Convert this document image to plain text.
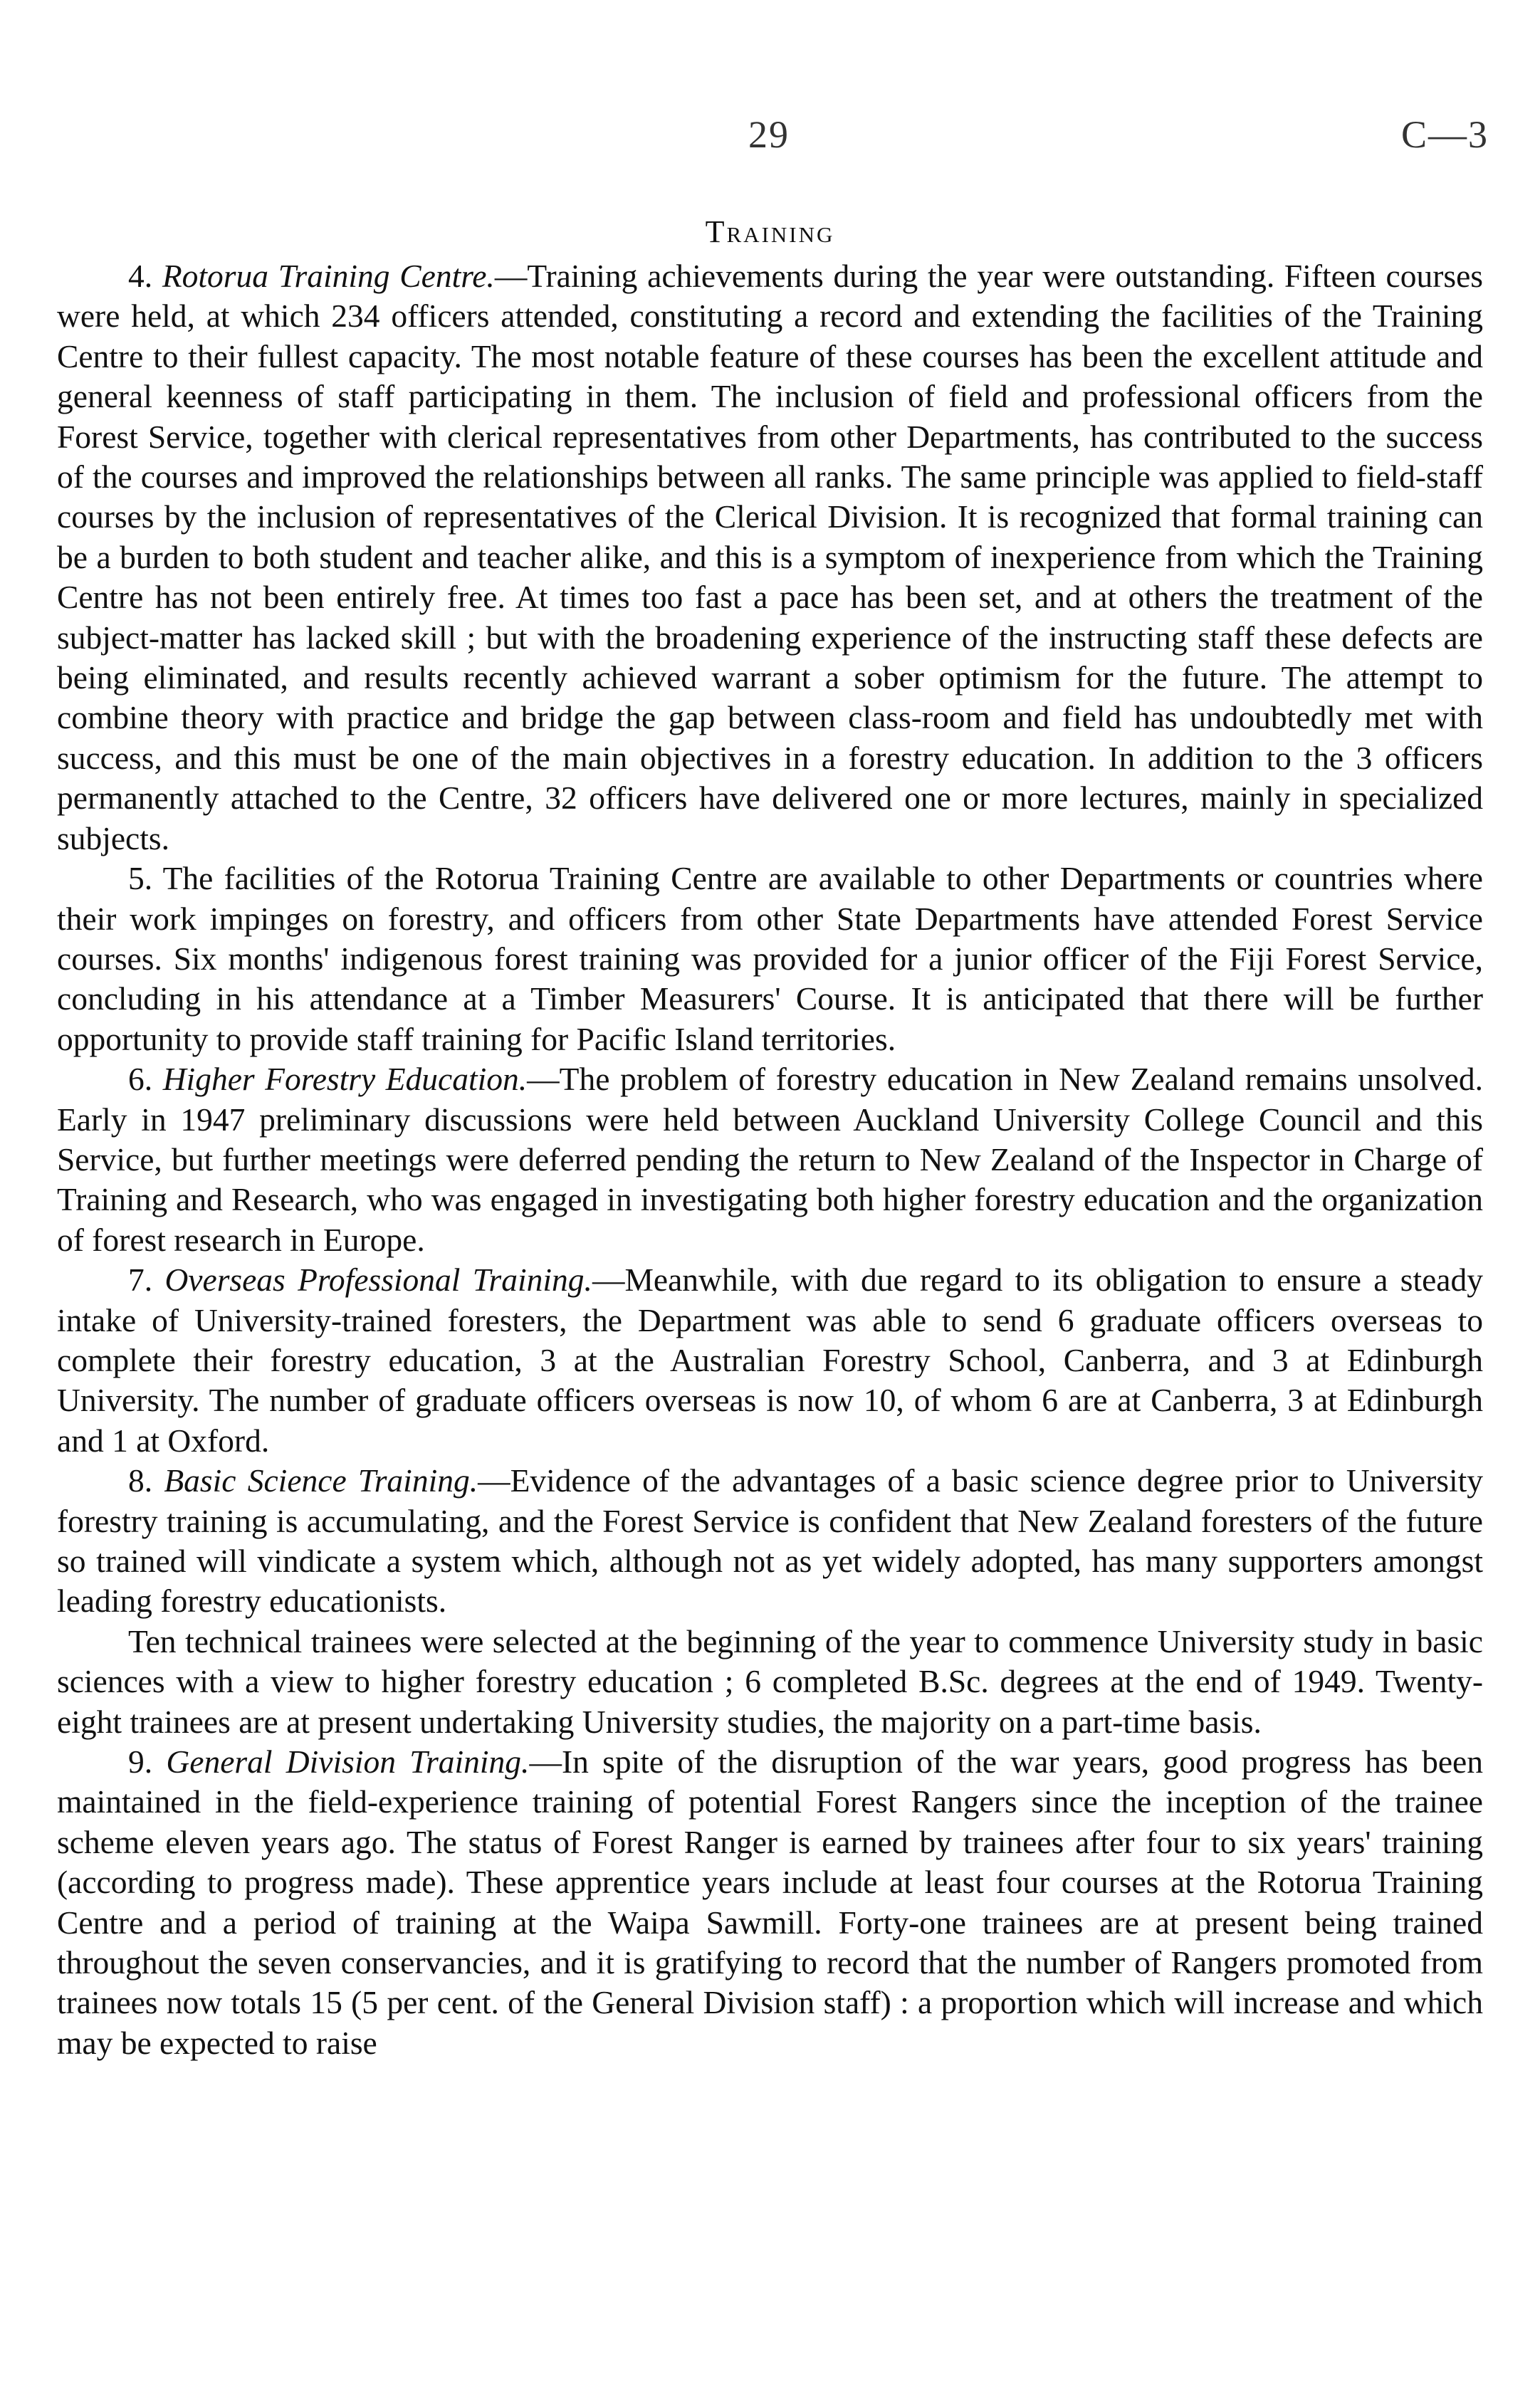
29	C—3
Training

4. Rotorua Training Centre.—Training achievements during the year were outstanding. Fifteen courses were held, at which 234 officers attended, constituting a record and extending the facilities of the Training Centre to their fullest capacity. The most notable feature of these courses has been the excellent attitude and general keenness of staff participating in them. The inclusion of field and professional officers from the Forest Service, together with clerical representatives from other Departments, has contributed to the success of the courses and improved the relationships between all ranks. The same principle was applied to field-staff courses by the inclusion of representatives of the Clerical Division. It is recognized that formal training can be a burden to both student and teacher alike, and this is a symptom of inexperience from which the Training Centre has not been entirely free. At times too fast a pace has been set, and at others the treatment of the subject-matter has lacked skill ; but with the broadening experience of the instructing staff these defects are being eliminated, and results recently achieved warrant a sober optimism for the future. The attempt to combine theory with practice and bridge the gap between class-room and field has undoubtedly met with success, and this must be one of the main objectives in a forestry education. In addition to the 3 officers permanently attached to the Centre, 32 officers have delivered one or more lectures, mainly in specialized subjects.

5. The facilities of the Rotorua Training Centre are available to other Departments or countries where their work impinges on forestry, and officers from other State Departments have attended Forest Service courses. Six months' indigenous forest training was provided for a junior officer of the Fiji Forest Service, concluding in his attendance at a Timber Measurers' Course. It is anticipated that there will be further opportunity to provide staff training for Pacific Island territories.

6. Higher Forestry Education.—The problem of forestry education in New Zealand remains unsolved. Early in 1947 preliminary discussions were held between Auckland University College Council and this Service, but further meetings were deferred pending the return to New Zealand of the Inspector in Charge of Training and Research, who was engaged in investigating both higher forestry education and the organization of forest research in Europe.

7. Overseas Professional Training.—Meanwhile, with due regard to its obligation to ensure a steady intake of University-trained foresters, the Department was able to send 6 graduate officers overseas to complete their forestry education, 3 at the Australian Forestry School, Canberra, and 3 at Edinburgh University. The number of graduate officers overseas is now 10, of whom 6 are at Canberra, 3 at Edinburgh and 1 at Oxford.

8. Basic Science Training.—Evidence of the advantages of a basic science degree prior to University forestry training is accumulating, and the Forest Service is confident that New Zealand foresters of the future so trained will vindicate a system which, although not as yet widely adopted, has many supporters amongst leading forestry educationists.

Ten technical trainees were selected at the beginning of the year to commence University study in basic sciences with a view to higher forestry education ; 6 completed B.Sc. degrees at the end of 1949. Twenty-eight trainees are at present undertaking University studies, the majority on a part-time basis.

9. General Division Training.—In spite of the disruption of the war years, good progress has been maintained in the field-experience training of potential Forest Rangers since the inception of the trainee scheme eleven years ago. The status of Forest Ranger is earned by trainees after four to six years' training (according to progress made). These apprentice years include at least four courses at the Rotorua Training Centre and a period of training at the Waipa Sawmill. Forty-one trainees are at present being trained throughout the seven conservancies, and it is gratifying to record that the number of Rangers promoted from trainees now totals 15 (5 per cent. of the General Division staff) : a proportion which will increase and which may be expected to raise
